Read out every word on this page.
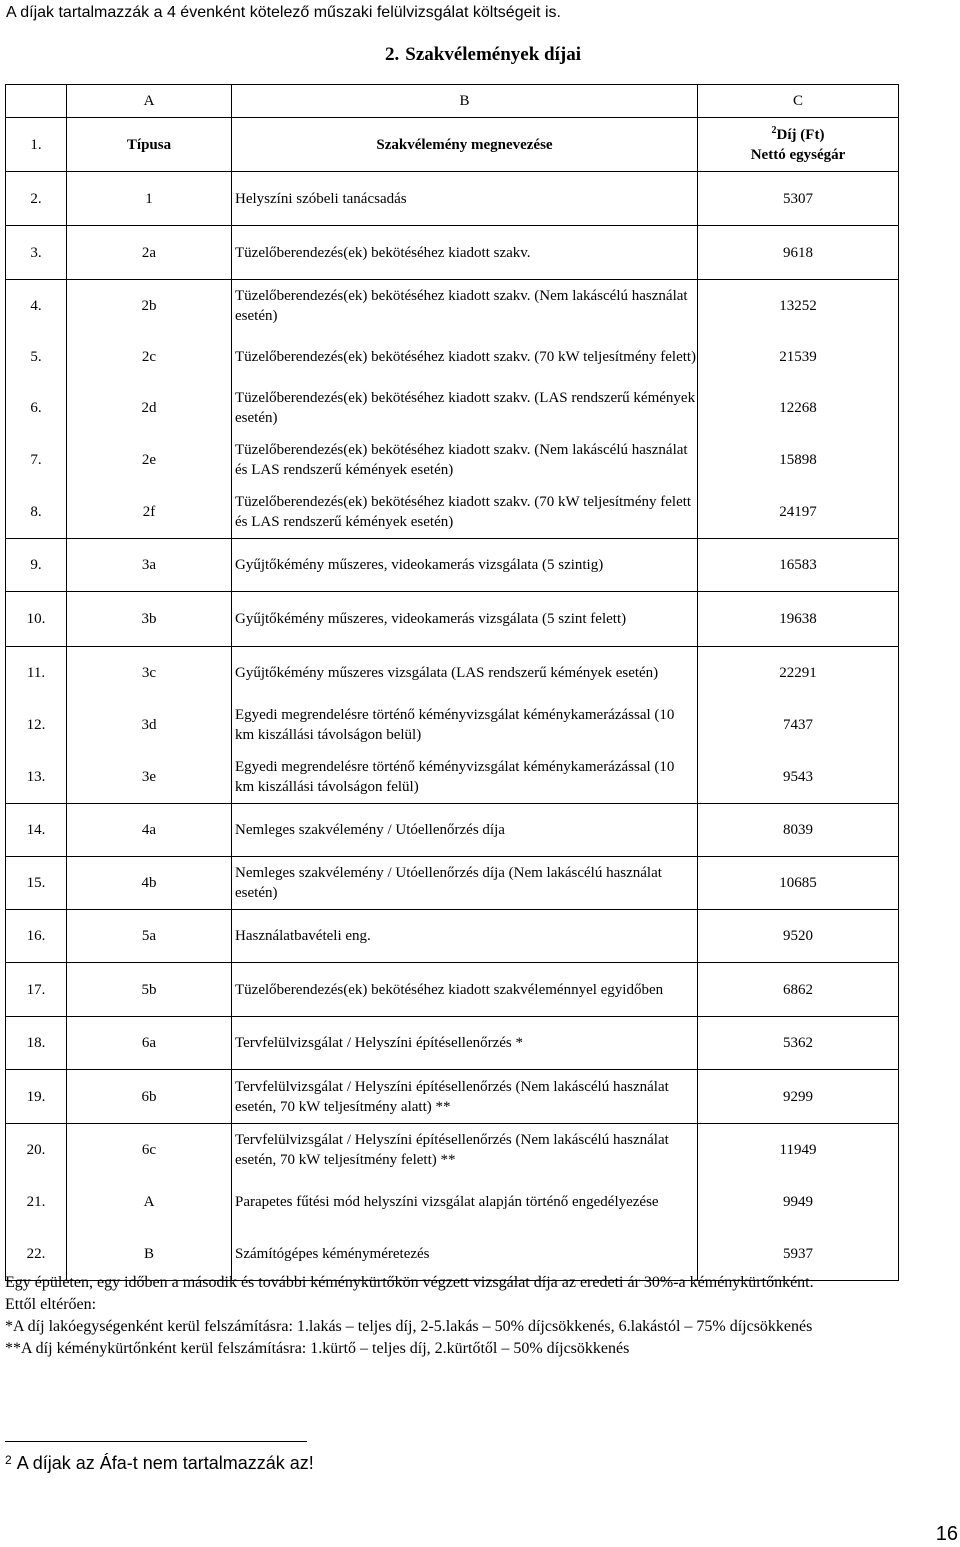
A díjak tartalmazzák a 4 évenként kötelező műszaki felülvizsgálat költségeit is.
2. Szakvélemények díjai
	A	B	C
1.	Típusa	Szakvélemény megnevezése	$^2$Díj (Ft)
Nettó egységár

2.	1	Helyszíni szóbeli tanácsadás	5307
3.	2a	Tüzelőberendezés(ek) bekötéséhez kiadott szakv.	9618
4.	2b	Tüzelőberendezés(ek) bekötéséhez kiadott szakv. (Nem lakáscélú használat esetén)	13252
5.	2c	Tüzelőberendezés(ek) bekötéséhez kiadott szakv. (70 kW teljesítmény felett)	21539
6.	2d	Tüzelőberendezés(ek) bekötéséhez kiadott szakv. (LAS rendszerű kémények esetén)	12268
7.	2e	Tüzelőberendezés(ek) bekötéséhez kiadott szakv. (Nem lakáscélú használat és LAS rendszerű kémények esetén)	15898
8.	2f	Tüzelőberendezés(ek) bekötéséhez kiadott szakv. (70 kW teljesítmény felett és LAS rendszerű kémények esetén)	24197
9.	3a	Gyűjtőkémény műszeres, videokamerás vizsgálata (5 szintig)	16583
10.	3b	Gyűjtőkémény műszeres, videokamerás vizsgálata (5 szint felett)	19638
11.	3c	Gyűjtőkémény műszeres vizsgálata (LAS rendszerű kémények esetén)	22291
12.	3d	Egyedi megrendelésre történő kéményvizsgálat kéménykamerázással (10 km kiszállási távolságon belül)	7437
13.	3e	Egyedi megrendelésre történő kéményvizsgálat kéménykamerázással (10 km kiszállási távolságon felül)	9543
14.	4a	Nemleges szakvélemény / Utóellenőrzés díja	8039
15.	4b	Nemleges szakvélemény / Utóellenőrzés díja (Nem lakáscélú használat esetén)	10685
16.	5a	Használatbavételi eng.	9520
17.	5b	Tüzelőberendezés(ek) bekötéséhez kiadott szakvéleménnyel egyidőben	6862
18.	6a	Tervfelülvizsgálat / Helyszíni építésellenőrzés *	5362
19.	6b	Tervfelülvizsgálat / Helyszíni építésellenőrzés (Nem lakáscélú használat esetén, 70 kW teljesítmény alatt) **	9299
20.	6c	Tervfelülvizsgálat / Helyszíni építésellenőrzés (Nem lakáscélú használat esetén, 70 kW teljesítmény felett) **	11949
21.	A	Parapetes fűtési mód helyszíni vizsgálat alapján történő engedélyezése	9949
22.	B	Számítógépes kéményméretezés	5937
Egy épületen, egy időben a második és további kéménykürtőkön végzett vizsgálat díja az eredeti ár 30%-a kéménykürtőnként.
Ettől eltérően:
*A díj lakóegységenként kerül felszámításra: 1.lakás – teljes díj, 2-5.lakás – 50% díjcsökkenés, 6.lakástól – 75% díjcsökkenés
**A díj kéménykürtőnként kerül felszámításra: 1.kürtő – teljes díj, 2.kürtőtől – 50% díjcsökkenés
$^2$ A díjak az Áfa-t nem tartalmazzák az!
16
